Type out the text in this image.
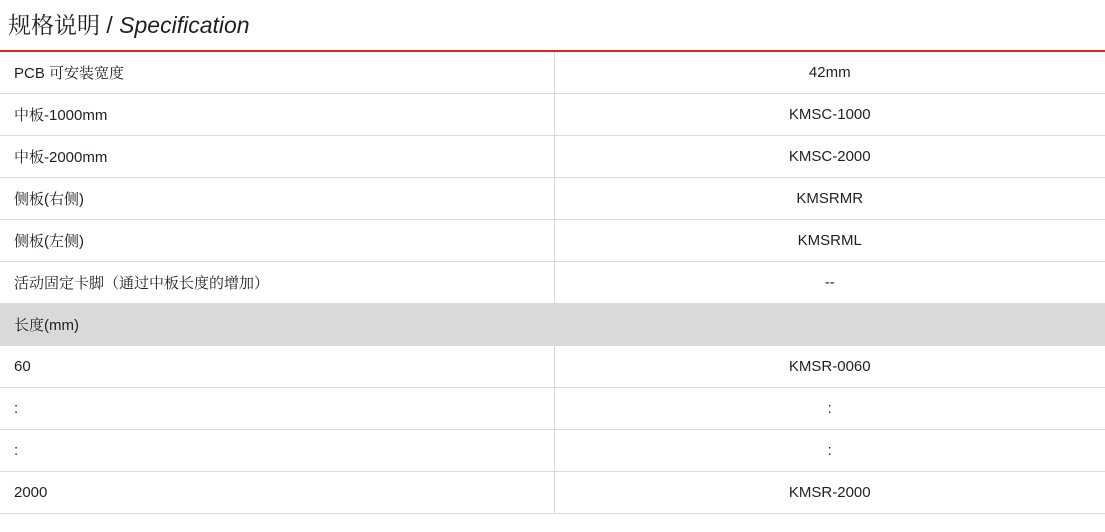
规格说明 / Specification
PCB 可安装宽度	42mm
中板-1000mm	KMSC-1000
中板-2000mm	KMSC-2000
侧板(右侧)	KMSRMR
侧板(左侧)	KMSRML
活动固定卡脚（通过中板长度的增加）	--
长度(mm)	
60	KMSR-0060
:	:
:	:
2000	KMSR-2000
